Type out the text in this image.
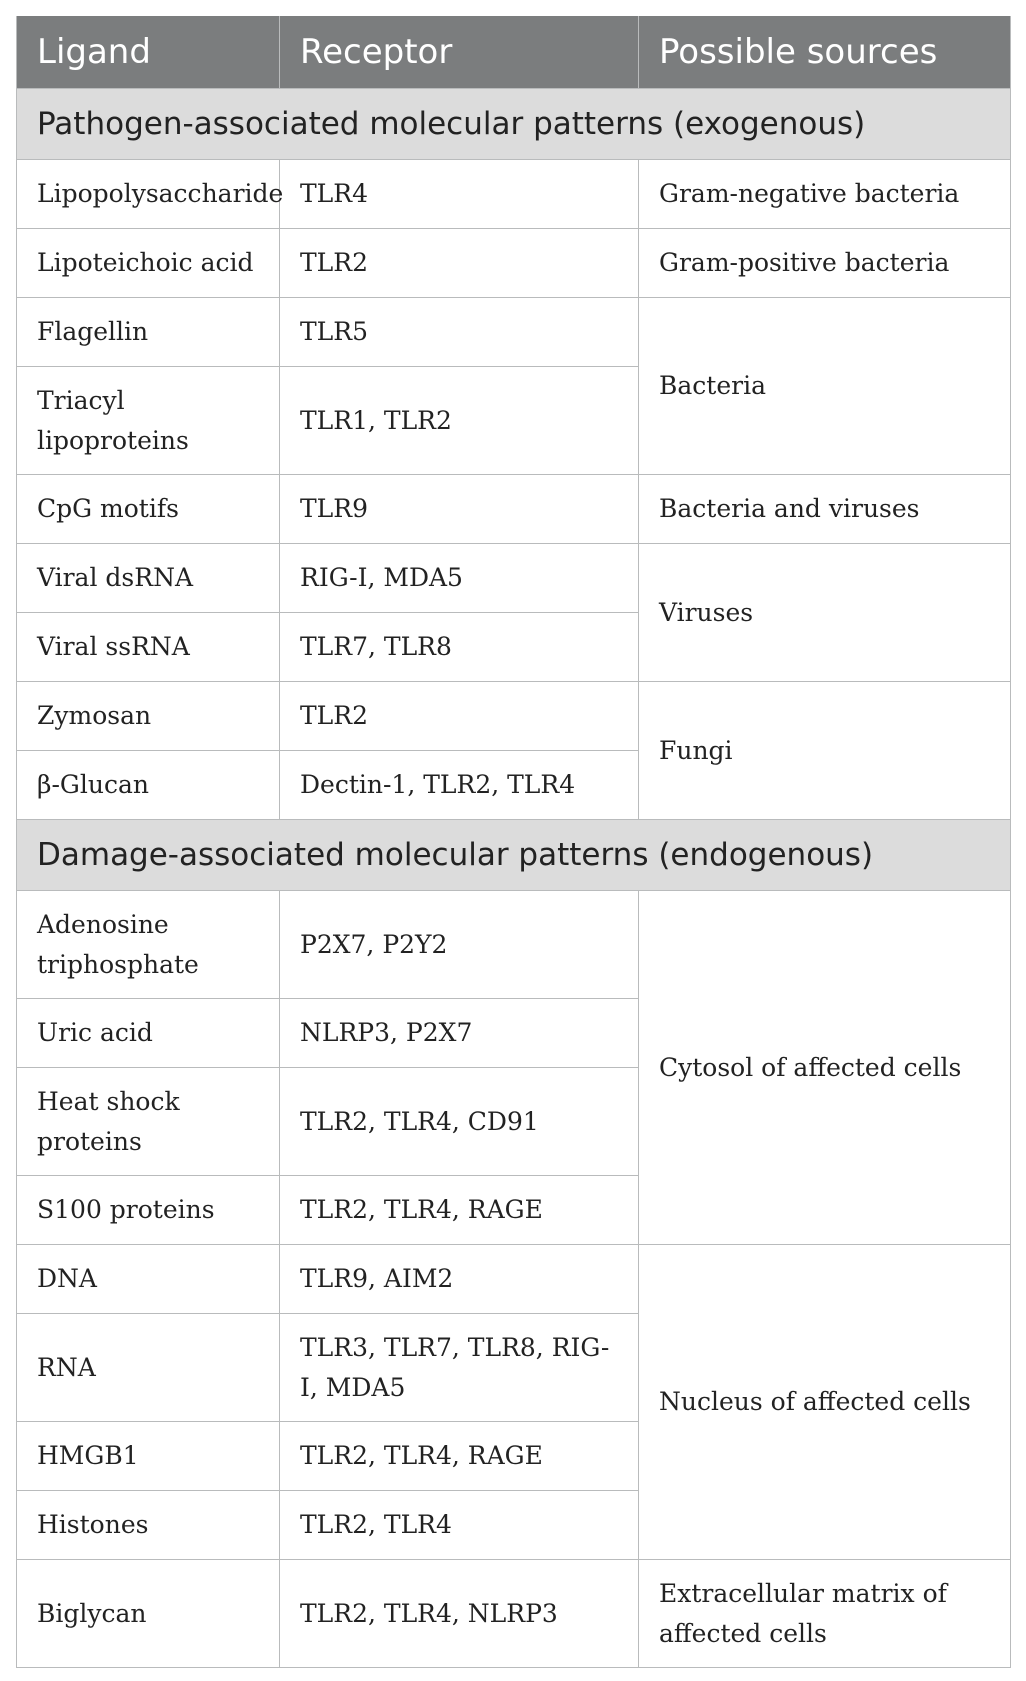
Ligand	Receptor	Possible sources
Pathogen-associated molecular patterns (exogenous)		
Lipopolysaccharide	TLR4	Gram-negative bacteria
Lipoteichoic acid	TLR2	Gram-positive bacteria
Flagellin	TLR5	Bacteria
Triacyl lipoproteins	TLR1, TLR2	
CpG motifs	TLR9	Bacteria and viruses
Viral dsRNA	RIG-I, MDA5	Viruses
Viral ssRNA	TLR7, TLR8	
Zymosan	TLR2	Fungi
β-Glucan	Dectin-1, TLR2, TLR4	
Damage-associated molecular patterns (endogenous)		
Adenosine triphosphate	P2X7, P2Y2	Cytosol of affected cells
Uric acid	NLRP3, P2X7	
Heat shock proteins	TLR2, TLR4, CD91	
S100 proteins	TLR2, TLR4, RAGE	
DNA	TLR9, AIM2	Nucleus of affected cells
RNA	TLR3, TLR7, TLR8, RIG-I, MDA5	
HMGB1	TLR2, TLR4, RAGE	
Histones	TLR2, TLR4	
Biglycan	TLR2, TLR4, NLRP3	Extracellular matrix of affected cells
